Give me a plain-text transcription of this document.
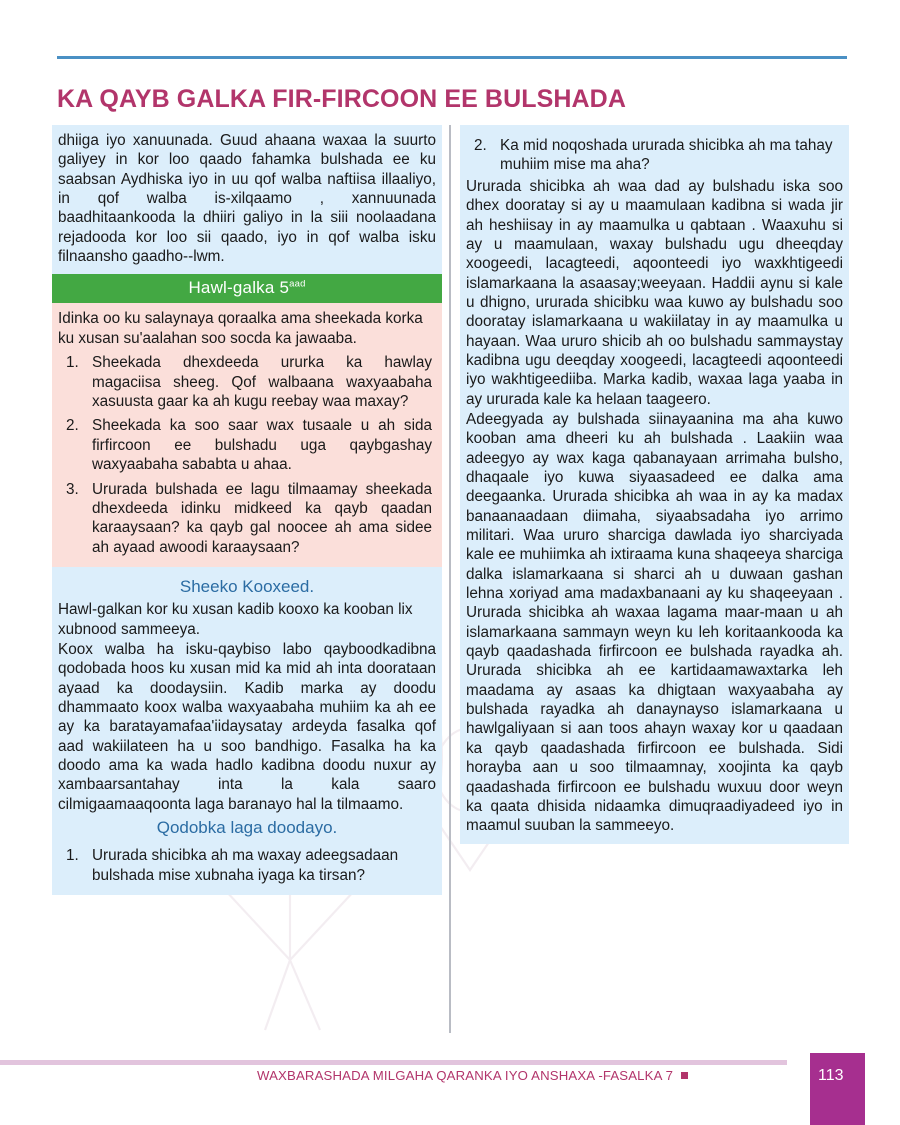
KA QAYB GALKA FIR-FIRCOON EE BULSHADA

dhiiga iyo xanuunada. Guud ahaana waxaa la suurto galiyey in kor loo qaado fahamka bulshada ee ku saabsan Aydhiska iyo in uu qof walba naftiisa illaaliyo, in qof walba is-xilqaamo , xannuunada baadhitaankooda la dhiiri galiyo in la siii noolaadana rejadooda kor loo sii qaado, iyo in qof walba isku filnaansho gaadho--lwm.

Hawl-galka $5^{aad}$

Idinka oo ku salaynaya qoraalka ama sheekada korka ku xusan su'aalahan soo socda ka jawaaba.

Sheekada dhexdeeda ururka ka hawlay magaciisa sheeg. Qof walbaana waxyaabaha xasuusta gaar ka ah kugu reebay waa maxay?
Sheekada ka soo saar wax tusaale u ah sida firfircoon ee bulshadu uga qaybgashay waxyaabaha sababta u ahaa.
Ururada bulshada ee lagu tilmaamay sheekada dhexdeeda idinku midkeed ka qayb qaadan karaaysaan? ka qayb gal noocee ah ama sidee ah ayaad awoodi karaaysaan?
Sheeko Kooxeed.

Hawl-galkan kor ku xusan kadib kooxo ka kooban lix xubnood sammeeya.

Koox walba ha isku-qaybiso labo qayboodkadibna qodobada hoos ku xusan mid ka mid ah inta doorataan ayaad ka doodaysiin. Kadib marka ay doodu dhammaato koox walba waxyaabaha muhiim ka ah ee ay ka baratayamafaa'iidaysatay ardeyda fasalka qof aad wakiilateen ha u soo bandhigo. Fasalka ha ka doodo ama ka wada hadlo kadibna doodu nuxur ay xambaarsantahay inta la kala saaro cilmigaamaaqoonta laga baranayo hal la tilmaamo.

Qodobka laga doodayo.
Ururada shicibka ah ma waxay adeegsadaan bulshada mise xubnaha iyaga ka tirsan?
Ka mid noqoshada ururada shicibka ah ma tahay muhiim mise ma aha?

Ururada shicibka ah waa dad ay bulshadu iska soo dhex dooratay si ay u maamulaan kadibna si wada jir ah heshiisay in ay maamulka u qabtaan . Waaxuhu si ay u maamulaan, waxay bulshadu ugu dheeqday xoogeedi, lacagteedi, aqoonteedi iyo waxkhtigeedi islamarkaana la asaasay;weeyaan. Haddii aynu si kale u dhigno, ururada shicibku waa kuwo ay bulshadu soo dooratay islamarkaana u wakiilatay in ay maamulka u hayaan. Waa ururo shicib ah oo bulshadu sammaystay kadibna ugu deeqday xoogeedi, lacagteedi aqoonteedi iyo wakhtigeediiba. Marka kadib, waxaa laga yaaba in ay ururada kale ka helaan taageero.

Adeegyada ay bulshada siinayaanina ma aha kuwo kooban ama dheeri ku ah bulshada . Laakiin waa adeegyo ay wax kaga qabanayaan arrimaha bulsho, dhaqaale iyo kuwa siyaasadeed ee dalka ama deegaanka. Ururada shicibka ah waa in ay ka madax banaanaadaan diimaha, siyaabsadaha iyo arrimo militari. Waa ururo sharciga dawlada iyo sharciyada kale ee muhiimka ah ixtiraama kuna shaqeeya sharciga dalka islamarkaana si sharci ah u duwaan gashan lehna xoriyad ama madaxbanaani ay ku shaqeeyaan . Ururada shicibka ah waxaa lagama maar-maan u ah islamarkaana sammayn weyn ku leh koritaankooda ka qayb qaadashada firfircoon ee bulshada rayadka ah. Ururada shicibka ah ee kartidaamawaxtarka leh maadama ay asaas ka dhigtaan waxyaabaha ay bulshada rayadka ah danaynayso islamarkaana u hawlgaliyaan si aan toos ahayn waxay kor u qaadaan ka qayb qaadashada firfircoon ee bulshada. Sidi horayba aan u soo tilmaamnay, xoojinta ka qayb qaadashada firfircoon ee bulshadu wuxuu door weyn ka qaata dhisida nidaamka dimuqraadiyadeed iyo in maamul suuban la sammeeyo.

WAXBARASHADA MILGAHA QARANKA IYO ANSHAXA -FASALKA 7	113
